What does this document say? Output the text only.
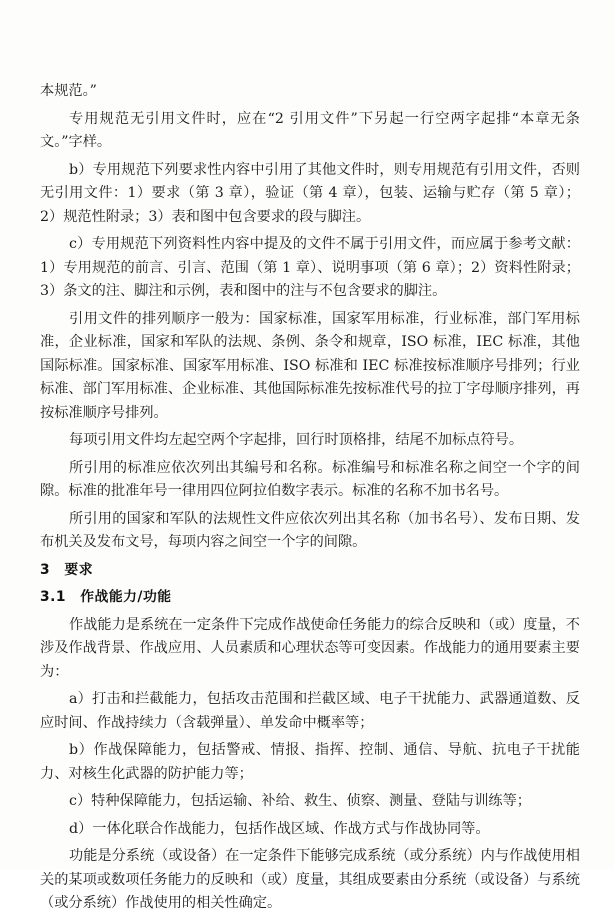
本规范。”

专用规范无引用文件时，应在“2 引用文件”下另起一行空两字起排“本章无条文。”字样。

b）专用规范下列要求性内容中引用了其他文件时，则专用规范有引用文件，否则无引用文件：1）要求（第 3 章），验证（第 4 章），包装、运输与贮存（第 5 章）；2）规范性附录；3）表和图中包含要求的段与脚注。

c）专用规范下列资料性内容中提及的文件不属于引用文件，而应属于参考文献：1）专用规范的前言、引言、范围（第 1 章）、说明事项（第 6 章）；2）资料性附录；3）条文的注、脚注和示例，表和图中的注与不包含要求的脚注。

引用文件的排列顺序一般为：国家标准，国家军用标准，行业标准，部门军用标准，企业标准，国家和军队的法规、条例、条令和规章，ISO 标准，IEC 标准，其他国际标准。国家标准、国家军用标准、ISO 标准和 IEC 标准按标准顺序号排列；行业标准、部门军用标准、企业标准、其他国际标准先按标准代号的拉丁字母顺序排列，再按标准顺序号排列。

每项引用文件均左起空两个字起排，回行时顶格排，结尾不加标点符号。

所引用的标准应依次列出其编号和名称。标准编号和标准名称之间空一个字的间隙。标准的批准年号一律用四位阿拉伯数字表示。标准的名称不加书名号。

所引用的国家和军队的法规性文件应依次列出其名称（加书名号）、发布日期、发布机关及发布文号，每项内容之间空一个字的间隙。

3　要求
3.1　作战能力/功能

作战能力是系统在一定条件下完成作战使命任务能力的综合反映和（或）度量，不涉及作战背景、作战应用、人员素质和心理状态等可变因素。作战能力的通用要素主要为：

a）打击和拦截能力，包括攻击范围和拦截区域、电子干扰能力、武器通道数、反应时间、作战持续力（含载弹量）、单发命中概率等；

b）作战保障能力，包括警戒、情报、指挥、控制、通信、导航、抗电子干扰能力、对核生化武器的防护能力等；

c）特种保障能力，包括运输、补给、救生、侦察、测量、登陆与训练等；

d）一体化联合作战能力，包括作战区域、作战方式与作战协同等。

功能是分系统（或设备）在一定条件下能够完成系统（或分系统）内与作战使用相关的某项或数项任务能力的反映和（或）度量，其组成要素由分系统（或设备）与系统（或分系统）作战使用的相关性确定。
